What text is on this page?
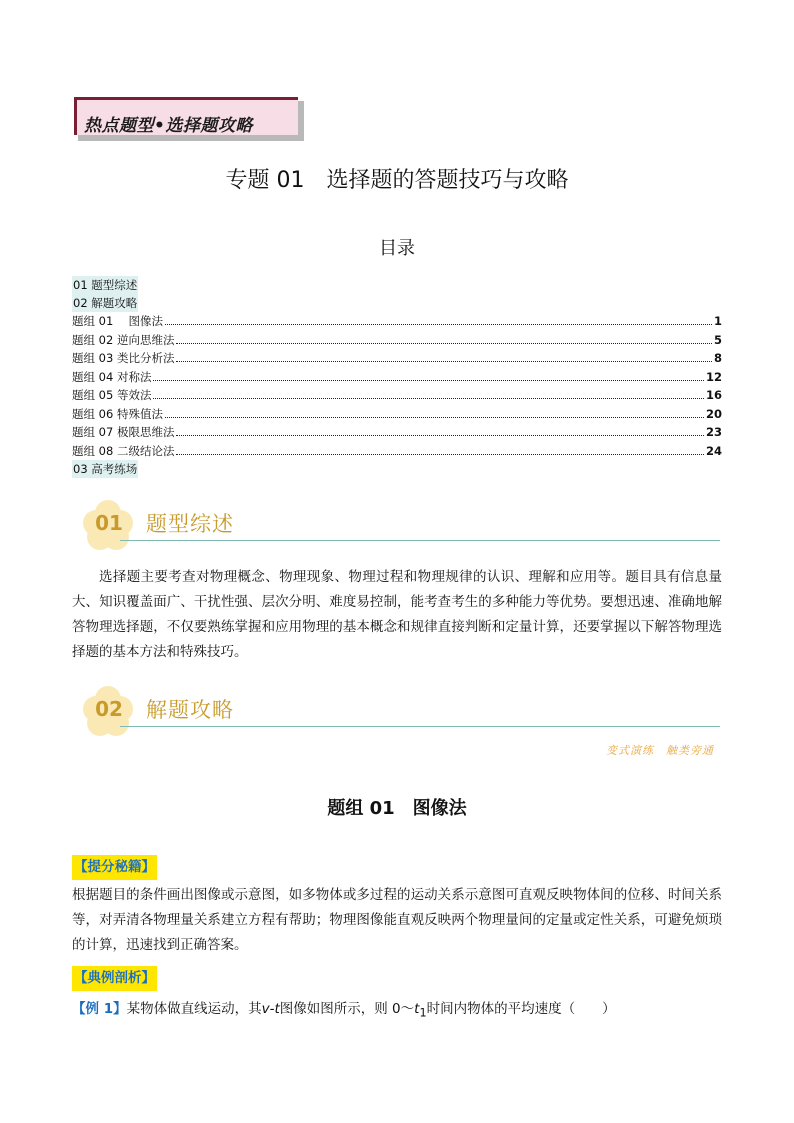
热点题型•选择题攻略
专题 01　选择题的答题技巧与攻略
目录
01 题型综述
02 解题攻略
题组 01　 图像法	1
题组 02 逆向思维法	5
题组 03 类比分析法	8
题组 04 对称法	12
题组 05 等效法	16
题组 06 特殊值法	20
题组 07 极限思维法	23
题组 08 二级结论法	24
03 高考练场
01	题型综述
选择题主要考查对物理概念、物理现象、物理过程和物理规律的认识、理解和应用等。题目具有信息量大、知识覆盖面广、干扰性强、层次分明、难度易控制，能考查考生的多种能力等优势。要想迅速、准确地解答物理选择题，不仅要熟练掌握和应用物理的基本概念和规律直接判断和定量计算，还要掌握以下解答物理选择题的基本方法和特殊技巧。
02	解题攻略
变式演练　触类旁通
题组 01　图像法
【提分秘籍】
根据题目的条件画出图像或示意图，如多物体或多过程的运动关系示意图可直观反映物体间的位移、时间关系等，对弄清各物理量关系建立方程有帮助；物理图像能直观反映两个物理量间的定量或定性关系，可避免烦琐的计算，迅速找到正确答案。
【典例剖析】
【例 1】某物体做直线运动，其v-t图像如图所示，则 $0\sim t_1$时间内物体的平均速度（　　）
